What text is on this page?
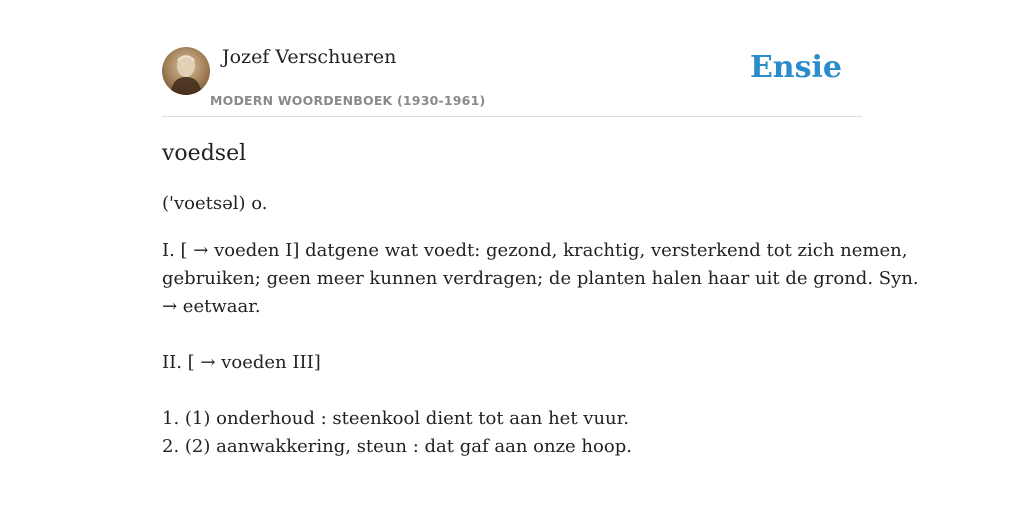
Jozef Verschueren
MODERN WOORDENBOEK (1930-1961)
Ensie
voedsel
('voetsəl) o.

I. [ → voeden I] datgene wat voedt: gezond, krachtig, versterkend tot zich nemen,

gebruiken; geen meer kunnen verdragen; de planten halen haar uit de grond. Syn.

→ eetwaar.

II. [ → voeden III]

1. (1) onderhoud : steenkool dient tot aan het vuur.

2. (2) aanwakkering, steun : dat gaf aan onze hoop.
